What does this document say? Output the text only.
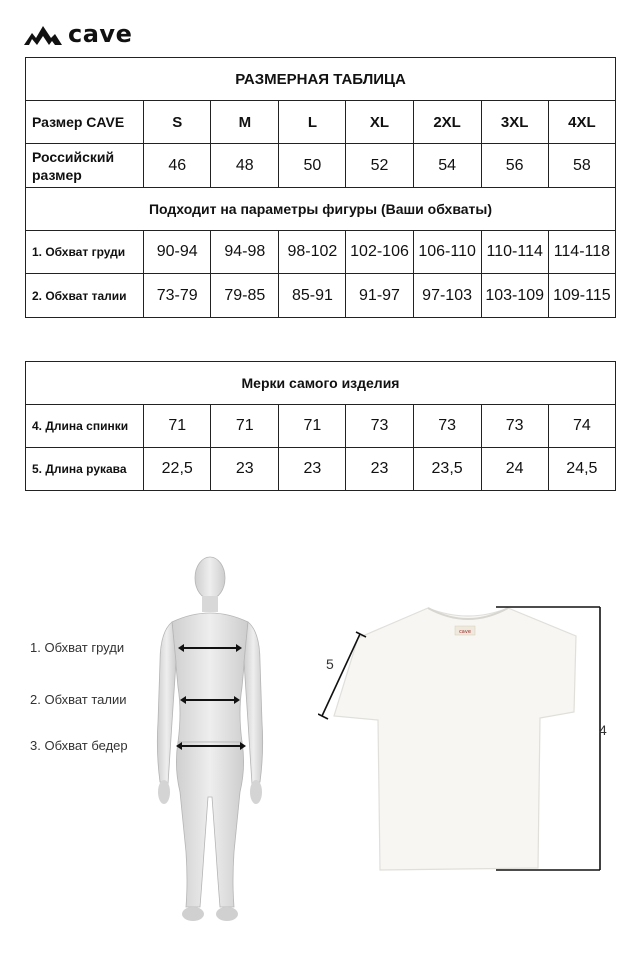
cave
РАЗМЕРНАЯ ТАБЛИЦА							
Размер CAVE	S	M	L	XL	2XL	3XL	4XL
Российский размер	46	48	50	52	54	56	58
Подходит на параметры фигуры (Ваши обхваты)							
1. Обхват груди	90-94	94-98	98-102	102-106	106-110	110-114	114-118
2. Обхват талии	73-79	79-85	85-91	91-97	97-103	103-109	109-115
Мерки самого изделия							
4. Длина спинки	71	71	71	73	73	73	74
5. Длина рукава	22,5	23	23	23	23,5	24	24,5
1. Обхват груди
2. Обхват талии
3. Обхват бедер
cave
5
4
